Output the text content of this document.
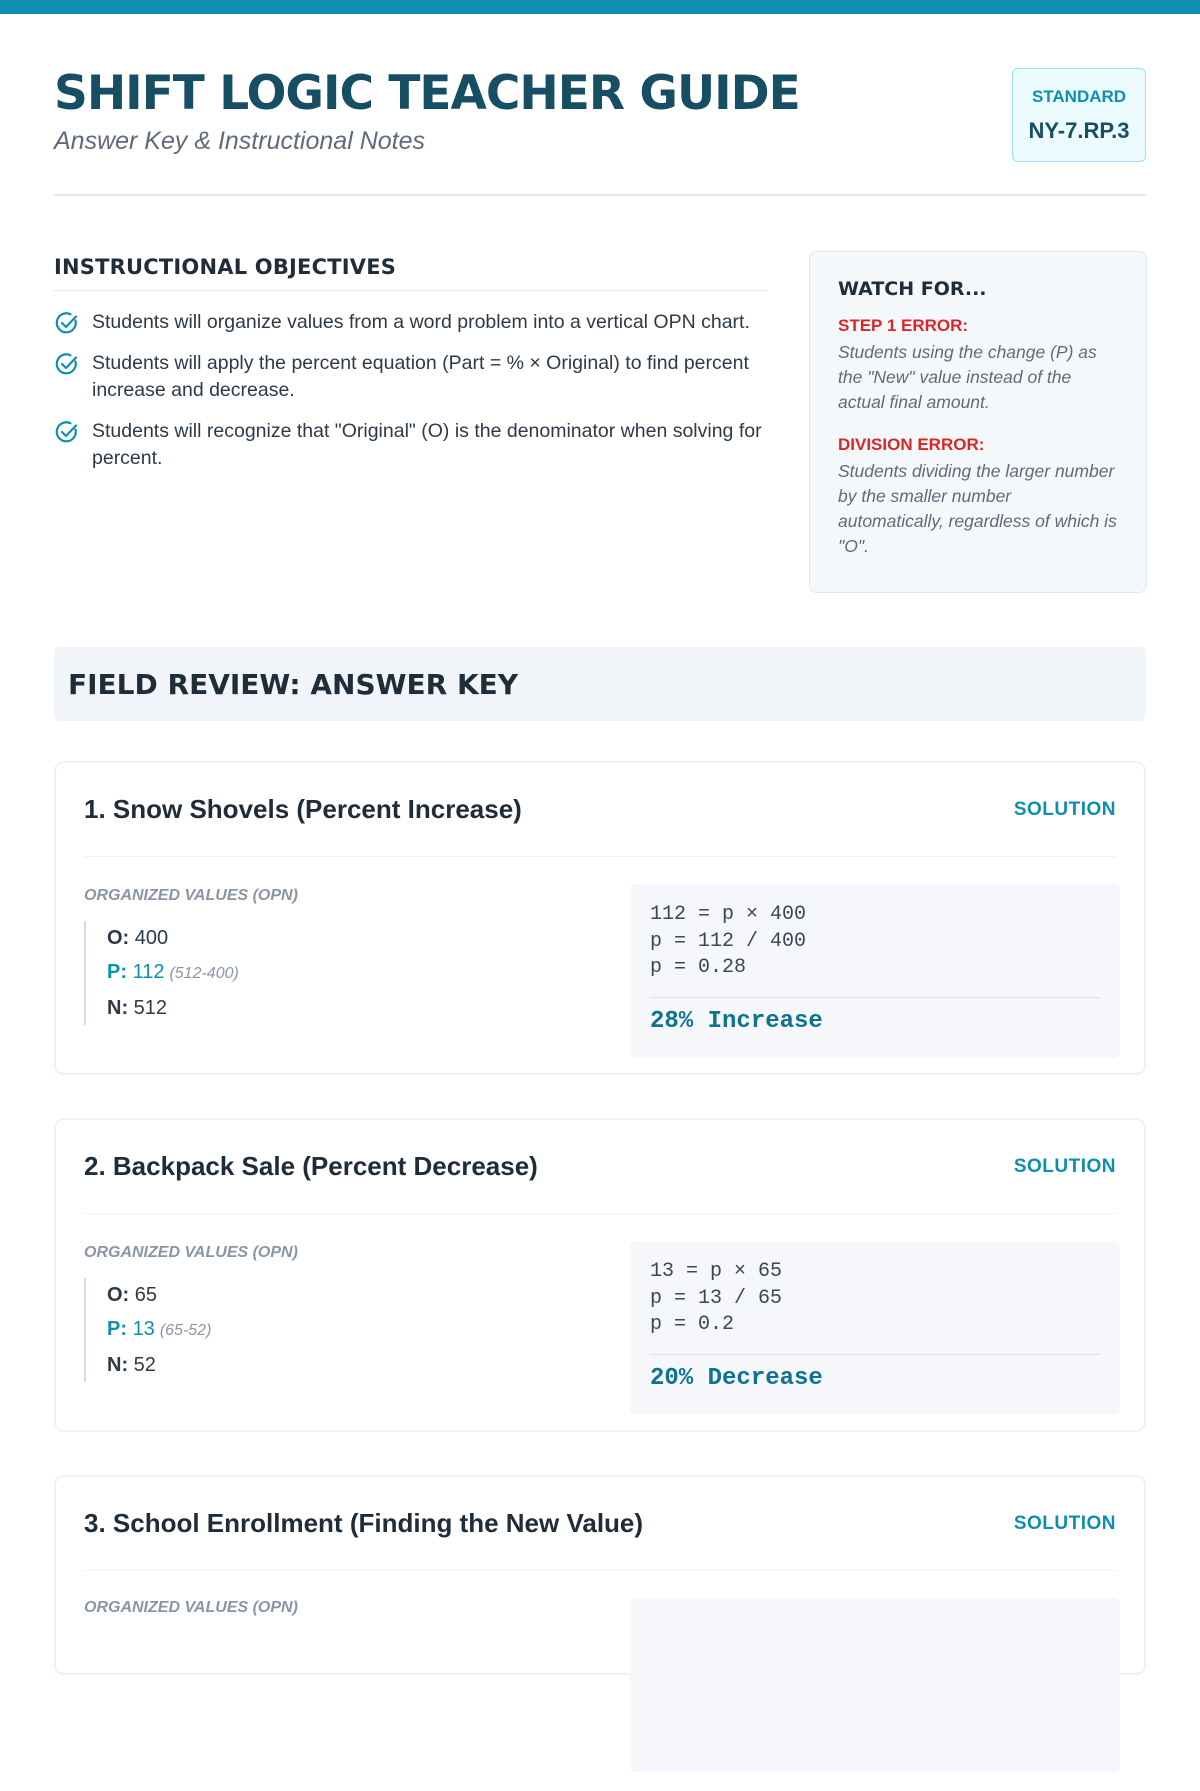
SHIFT LOGIC TEACHER GUIDE
Answer Key & Instructional Notes
STANDARD
NY-7.RP.3
INSTRUCTIONAL OBJECTIVES
Students will organize values from a word problem into a vertical OPN chart.
Students will apply the percent equation (Part = % × Original) to find percent increase and decrease.
Students will recognize that "Original" (O) is the denominator when solving for percent.
WATCH FOR...
STEP 1 ERROR:
Students using the change (P) as the "New" value instead of the actual final amount.
DIVISION ERROR:
Students dividing the larger number by the smaller number automatically, regardless of which is "O".
FIELD REVIEW: ANSWER KEY
1. Snow Shovels (Percent Increase)	SOLUTION
ORGANIZED VALUES (OPN)
O: 400
P: 112 (512-400)
N: 512
112 = p × 400
p = 112 / 400
p = 0.28
28% Increase
2. Backpack Sale (Percent Decrease)	SOLUTION
ORGANIZED VALUES (OPN)
O: 65
P: 13 (65-52)
N: 52
13 = p × 65
p = 13 / 65
p = 0.2
20% Decrease
3. School Enrollment (Finding the New Value)	SOLUTION
ORGANIZED VALUES (OPN)
